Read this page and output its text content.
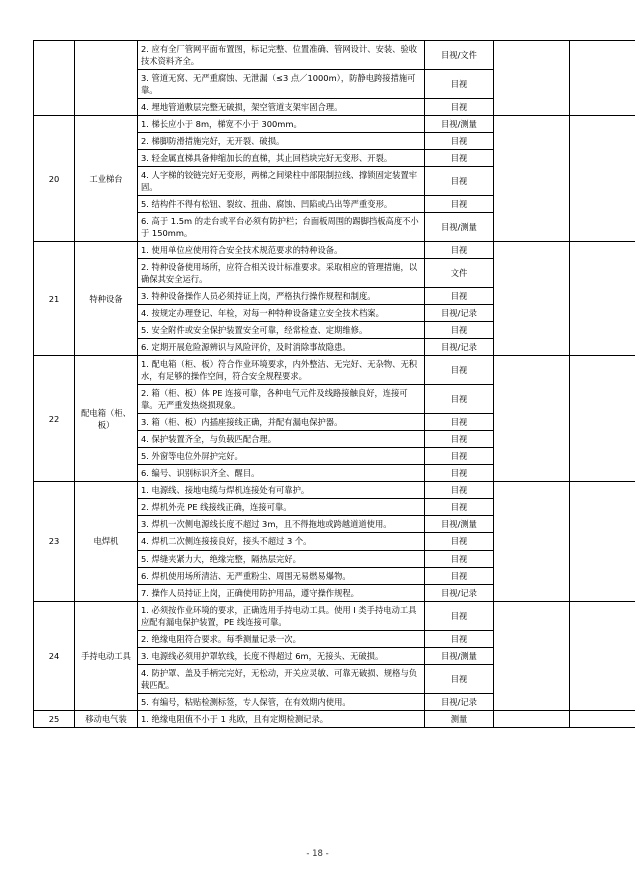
		2. 应有全厂管网平面布置图，标记完整、位置准确、管网设计、安装、验收技术资料齐全。	目视/文件		
		3. 管道无窝、无严重腐蚀、无泄漏（≤3 点／1000m），防静电跨接措施可靠。	目视		
		4. 埋地管道敷层完整无破损，架空管道支架牢固合理。	目视		
20	工业梯台	1. 梯长应小于 8m，梯宽不小于 300mm。	目视/测量		
		2. 梯脚防滑措施完好，无开裂、破损。	目视		
		3. 轻金属直梯具备伸缩加长的直梯，其止回档块完好无变形、开裂。	目视		
		4. 人字梯的铰链完好无变形，两梯之间梁柱中部限制拉线、撑锁固定装置牢固。	目视		
		5. 结构件不得有松钮、裂纹、扭曲、腐蚀、凹陷或凸出等严重变形。	目视		
		6. 高于 1.5m 的走台或平台必须有防护栏；台面板周围的踢脚挡板高度不小于 150mm。	目视/测量		
21	特种设备	1. 使用单位应使用符合安全技术规范要求的特种设备。	目视		
		2. 特种设备使用场所，应符合相关设计标准要求。采取相应的管理措施，以确保其安全运行。	文件		
		3. 特种设备操作人员必须持证上岗，严格执行操作规程和制度。	目视		
		4. 按规定办理登记、年检，对每一种特种设备建立安全技术档案。	目视/记录		
		5. 安全附件或安全保护装置安全可靠，经常检查、定期维修。	目视		
		6. 定期开展危险源辨识与风险评价，及时消除事故隐患。	目视/记录		
22	配电箱（柜、板）	1. 配电箱（柜、板）符合作业环境要求，内外整洁、无完好、无杂物、无积水，有足够的操作空间，符合安全规程要求。	目视		
		2. 箱（柜、板）体 PE 连接可靠，各种电气元件及线路接触良好，连接可靠。无严重发热烧损现象。	目视		
		3. 箱（柜、板）内插座接线正确，并配有漏电保护器。	目视		
		4. 保护装置齐全，与负载匹配合理。	目视		
		5. 外窗等电位外屏护完好。	目视		
		6. 编号、识别标识齐全、醒目。	目视		
23	电焊机	1. 电源线、接地电缆与焊机连接处有可靠护。	目视		
		2. 焊机外壳 PE 线接线正确，连接可靠。	目视		
		3. 焊机一次侧电源线长度不超过 3m，且不得拖地或跨越道道使用。	目视/测量		
		4. 焊机二次侧连接接良好，接头不超过 3 个。	目视		
		5. 焊缝夹紧力大，绝缘完整，隔热层完好。	目视		
		6. 焊机使用场所清洁、无严重粉尘、周围无易燃易爆物。	目视		
		7. 操作人员持证上岗，正确使用防护用品，遵守操作规程。	目视/记录		
24	手持电动工具	1. 必须按作业环境的要求，正确选用手持电动工具。使用 I 类手持电动工具应配有漏电保护装置，PE 线连接可靠。	目视		
		2. 绝缘电阻符合要求。每季测量记录一次。	目视		
		3. 电源线必须用护罩软线，长度不得超过 6m，无接头、无破损。	目视/测量		
		4. 防护罩、盖及手柄完完好，无松动，开关应灵敏、可靠无破损、规格与负载匹配。	目视		
		5. 有编号，粘贴检测标签，专人保管，在有效期内使用。	目视/记录		
25	移动电气装	1. 绝缘电阻值不小于 1 兆欧，且有定期检测记录。	测量		
- 18 -
